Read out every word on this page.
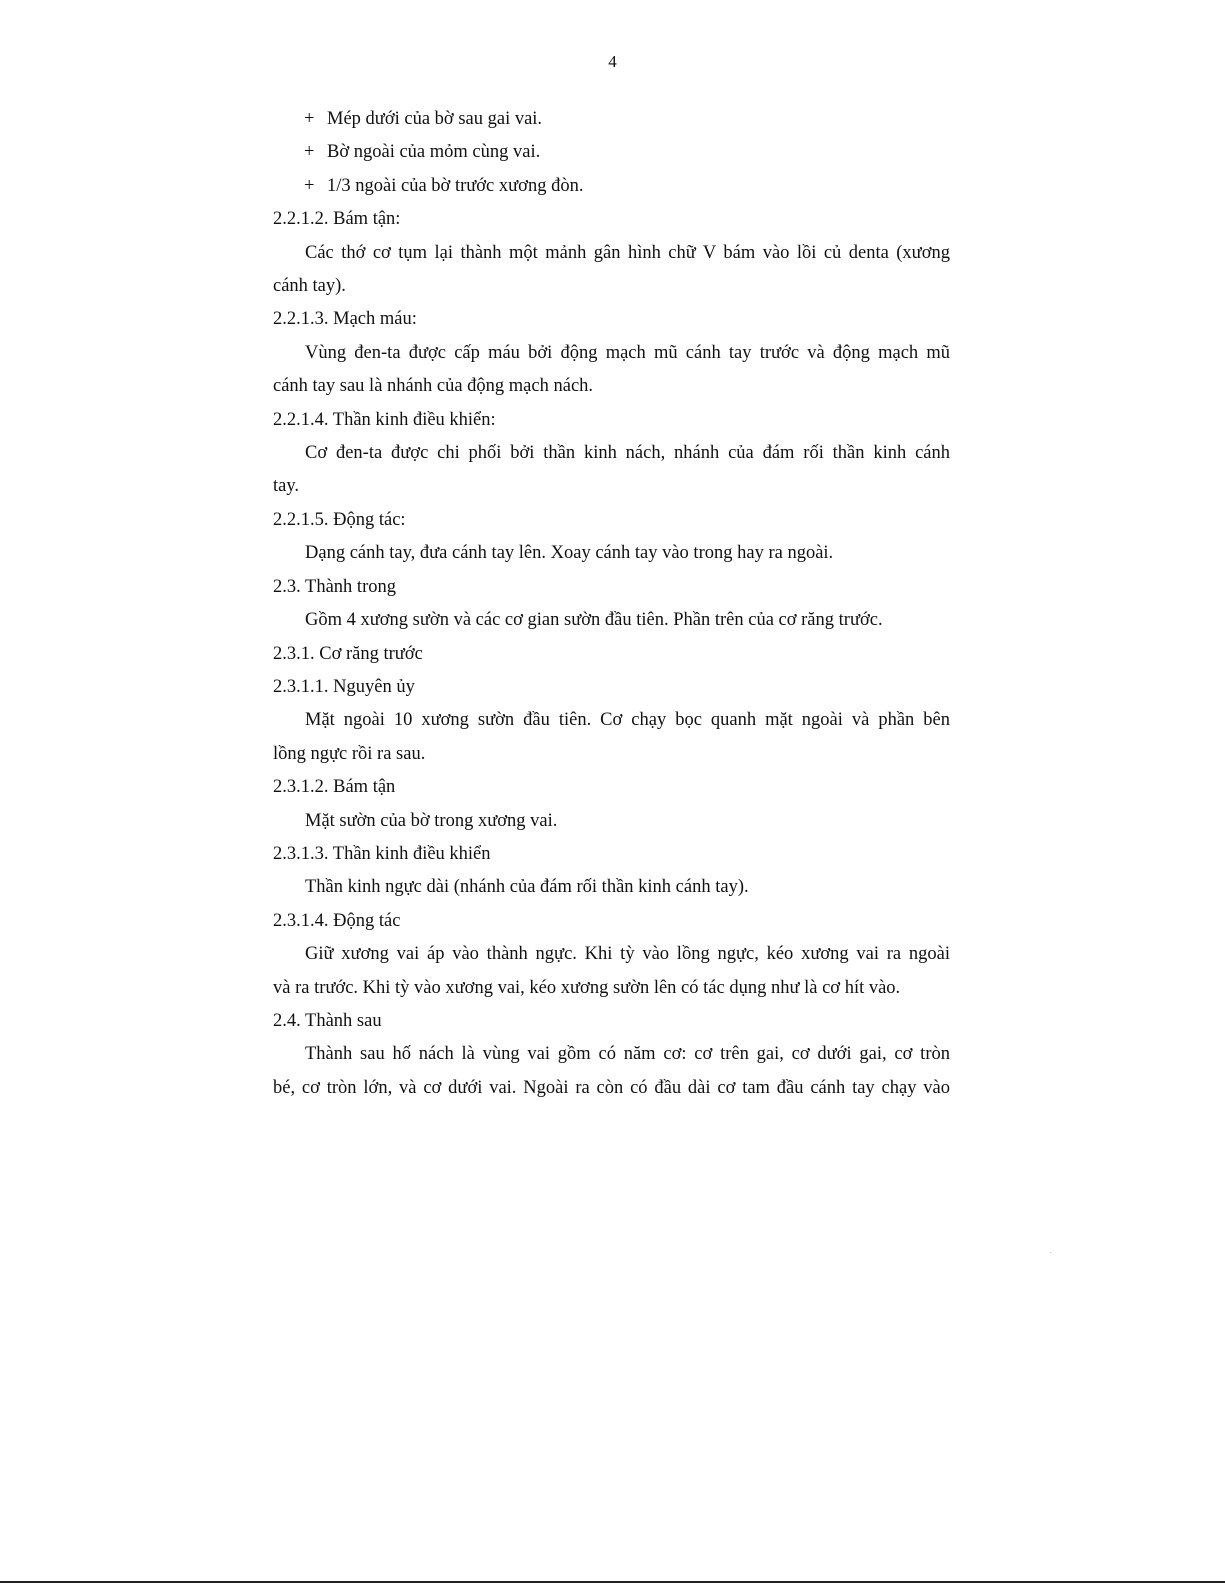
4
+ Mép dưới của bờ sau gai vai.
+ Bờ ngoài của mỏm cùng vai.
+ 1/3 ngoài của bờ trước xương đòn.
2.2.1.2. Bám tận:
Các thớ cơ tụm lại thành một mảnh gân hình chữ V bám vào lồi củ denta (xương
cánh tay).
2.2.1.3. Mạch máu:
Vùng đen-ta được cấp máu bởi động mạch mũ cánh tay trước và động mạch mũ
cánh tay sau là nhánh của động mạch nách.
2.2.1.4. Thần kinh điều khiển:
Cơ đen-ta được chi phối bởi thần kinh nách, nhánh của đám rối thần kinh cánh
tay.
2.2.1.5. Động tác:
Dạng cánh tay, đưa cánh tay lên. Xoay cánh tay vào trong hay ra ngoài.
2.3. Thành trong
Gồm 4 xương sườn và các cơ gian sườn đầu tiên. Phần trên của cơ răng trước.
2.3.1. Cơ răng trước
2.3.1.1. Nguyên ủy
Mặt ngoài 10 xương sườn đầu tiên. Cơ chạy bọc quanh mặt ngoài và phần bên
lồng ngực rồi ra sau.
2.3.1.2. Bám tận
Mặt sườn của bờ trong xương vai.
2.3.1.3. Thần kinh điều khiển
Thần kinh ngực dài (nhánh của đám rối thần kinh cánh tay).
2.3.1.4. Động tác
Giữ xương vai áp vào thành ngực. Khi tỳ vào lồng ngực, kéo xương vai ra ngoài
và ra trước. Khi tỳ vào xương vai, kéo xương sườn lên có tác dụng như là cơ hít vào.
2.4. Thành sau
Thành sau hố nách là vùng vai gồm có năm cơ: cơ trên gai, cơ dưới gai, cơ tròn
bé, cơ tròn lớn, và cơ dưới vai. Ngoài ra còn có đầu dài cơ tam đầu cánh tay chạy vào
